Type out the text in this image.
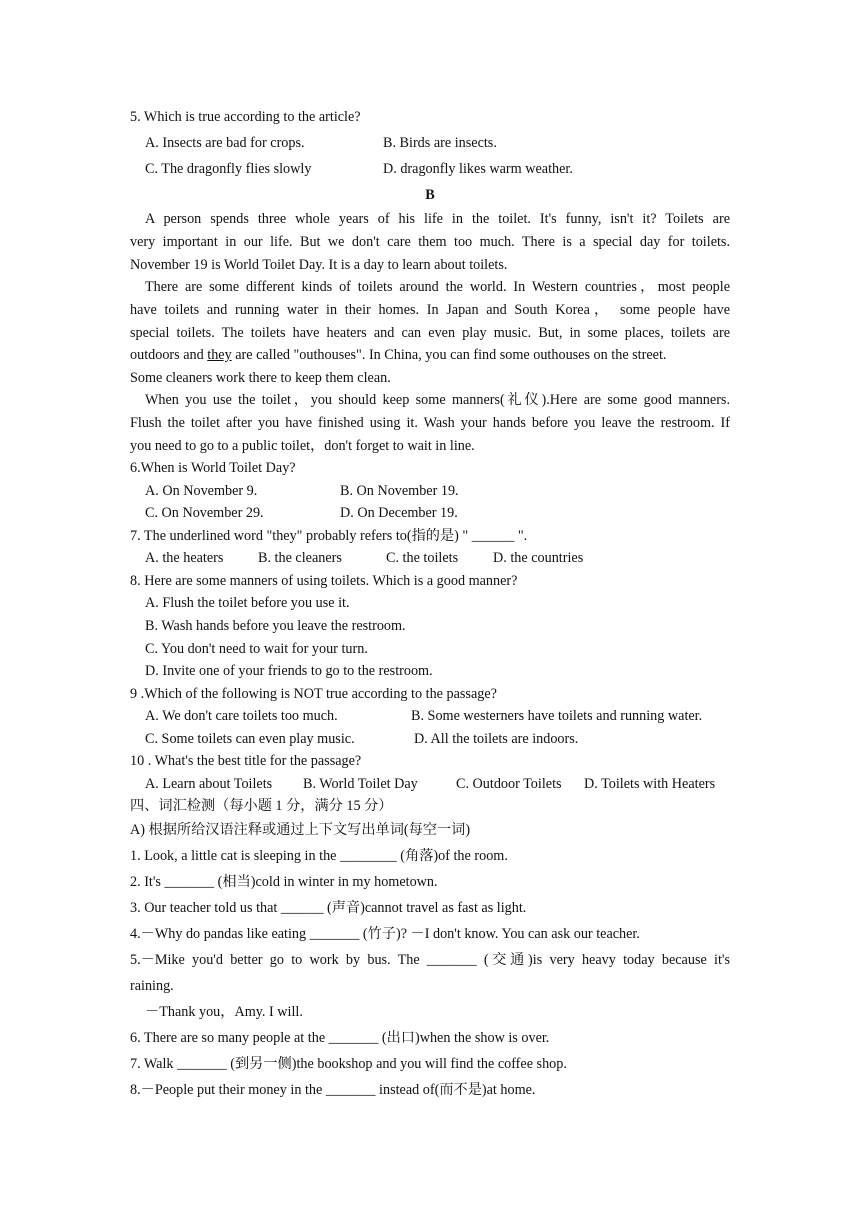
5. Which is true according to the article?
A. Insects are bad for crops.	B. Birds are insects.
C. The dragonfly flies slowly	D. dragonfly likes warm weather.
B
A person spends three whole years of his life in the toilet. It's funny, isn't it? Toilets are
very important in our life. But we don't care them too much. There is a special day for toilets.
November 19 is World Toilet Day. It is a day to learn about toilets.
There are some different kinds of toilets around the world. In Western countries，most people
have toilets and running water in their homes. In Japan and South Korea， some people have
special toilets. The toilets have heaters and can even play music. But, in some places, toilets are
outdoors and they are called "outhouses". In China, you can find some outhouses on the street.
Some cleaners work there to keep them clean.
When you use the toilet，you should keep some manners(礼仪).Here are some good manners.
Flush the toilet after you have finished using it. Wash your hands before you leave the restroom. If
you need to go to a public toilet，don't forget to wait in line.
6.When is World Toilet Day?
A. On November 9.	B. On November 19.
C. On November 29.	D. On December 19.
7. The underlined word "they" probably refers to(指的是) " ______ ".
A. the heaters B. the cleaners	C. the toilets D. the countries
8. Here are some manners of using toilets. Which is a good manner?
A. Flush the toilet before you use it.
B. Wash hands before you leave the restroom.
C. You don't need to wait for your turn.
D. Invite one of your friends to go to the restroom.
9 .Which of the following is NOT true according to the passage?
A. We don't care toilets too much.	B. Some westerners have toilets and running water.
C. Some toilets can even play music.	D. All the toilets are indoors.
10 . What's the best title for the passage?
A. Learn about Toilets B. World Toilet Day	C. Outdoor Toilets D. Toilets with Heaters
四、词汇检测（每小题 1 分，满分 15 分）
A) 根据所给汉语注释或通过上下文写出单词(每空一词)
1. Look, a little cat is sleeping in the ________ (角落)of the room.
2. It's _______ (相当)cold in winter in my hometown.
3. Our teacher told us that ______ (声音)cannot travel as fast as light.
4.－Why do pandas like eating _______ (竹子)? －I don't know. You can ask our teacher.
5.－Mike you'd better go to work by bus. The _______ (交通)is very heavy today because it's
raining.
－Thank you，Amy. I will.
6. There are so many people at the _______ (出口)when the show is over.
7. Walk _______ (到另一侧)the bookshop and you will find the coffee shop.
8.－People put their money in the _______ instead of(而不是)at home.
